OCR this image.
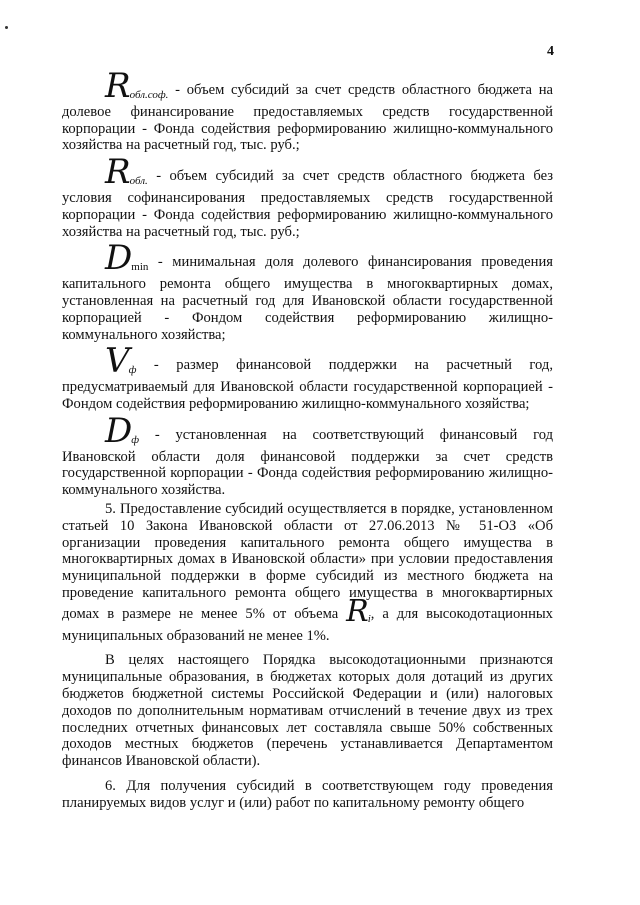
4

$R_{обл.соф.}$ - объем субсидий за счет средств областного бюджета на долевое финансирование предоставляемых средств государственной корпорации - Фонда содействия реформированию жилищно-коммунального хозяйства на расчетный год, тыс. руб.;

$R_{обл.}$ - объем субсидий за счет средств областного бюджета без условия софинансирования предоставляемых средств государственной корпорации - Фонда содействия реформированию жилищно-коммунального хозяйства на расчетный год, тыс. руб.;

$D_{min}$ - минимальная доля долевого финансирования проведения капитального ремонта общего имущества в многоквартирных домах, установленная на расчетный год для Ивановской области государственной корпорацией - Фондом содействия реформированию жилищно-коммунального хозяйства;

$V_ф$ - размер финансовой поддержки на расчетный год, предусматриваемый для Ивановской области государственной корпорацией - Фондом содействия реформированию жилищно-коммунального хозяйства;

$D_ф$ - установленная на соответствующий финансовый год Ивановской области доля финансовой поддержки за счет средств государственной корпорации - Фонда содействия реформированию жилищно-коммунального хозяйства.

5. Предоставление субсидий осуществляется в порядке, установленном статьей 10 Закона Ивановской области от 27.06.2013 № 51-ОЗ «Об организации проведения капитального ремонта общего имущества в многоквартирных домах в Ивановской области» при условии предоставления муниципальной поддержки в форме субсидий из местного бюджета на проведение капитального ремонта общего имущества в многоквартирных домах в размере не менее 5% от объема $R_i$, а для высокодотационных муниципальных образований не менее 1%.

В целях настоящего Порядка высокодотационными признаются муниципальные образования, в бюджетах которых доля дотаций из других бюджетов бюджетной системы Российской Федерации и (или) налоговых доходов по дополнительным нормативам отчислений в течение двух из трех последних отчетных финансовых лет составляла свыше 50% собственных доходов местных бюджетов (перечень устанавливается Департаментом финансов Ивановской области).

6. Для получения субсидий в соответствующем году проведения планируемых видов услуг и (или) работ по капитальному ремонту общего
